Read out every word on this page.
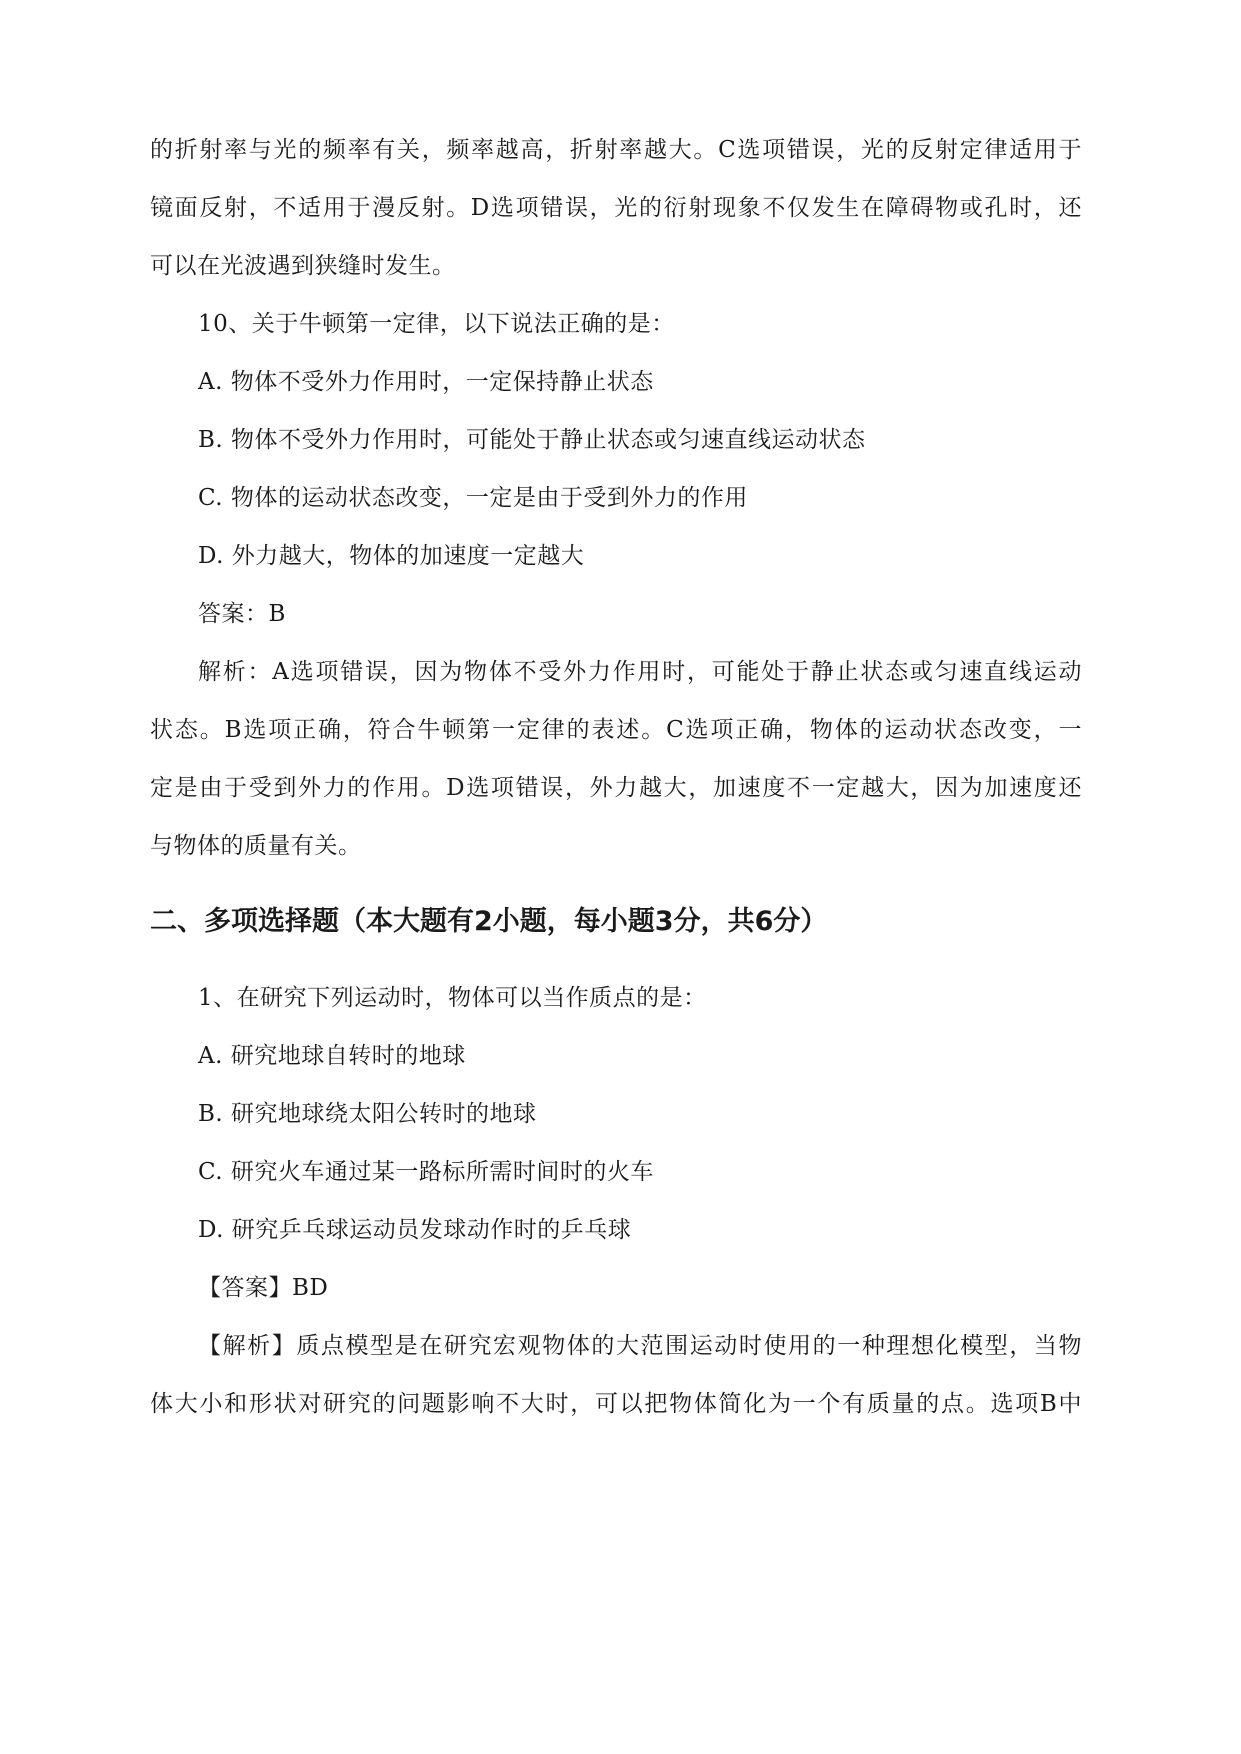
的折射率与光的频率有关，频率越高，折射率越大。C选项错误，光的反射定律适用于
镜面反射，不适用于漫反射。D选项错误，光的衍射现象不仅发生在障碍物或孔时，还
可以在光波遇到狭缝时发生。
10、关于牛顿第一定律，以下说法正确的是：
A. 物体不受外力作用时，一定保持静止状态
B. 物体不受外力作用时，可能处于静止状态或匀速直线运动状态
C. 物体的运动状态改变，一定是由于受到外力的作用
D. 外力越大，物体的加速度一定越大
答案：B
解析：A选项错误，因为物体不受外力作用时，可能处于静止状态或匀速直线运动
状态。B选项正确，符合牛顿第一定律的表述。C选项正确，物体的运动状态改变，一
定是由于受到外力的作用。D选项错误，外力越大，加速度不一定越大，因为加速度还
与物体的质量有关。
二、多项选择题（本大题有2小题，每小题3分，共6分）
1、在研究下列运动时，物体可以当作质点的是：
A. 研究地球自转时的地球
B. 研究地球绕太阳公转时的地球
C. 研究火车通过某一路标所需时间时的火车
D. 研究乒乓球运动员发球动作时的乒乓球
【答案】BD
【解析】质点模型是在研究宏观物体的大范围运动时使用的一种理想化模型，当物
体大小和形状对研究的问题影响不大时，可以把物体简化为一个有质量的点。选项B中
